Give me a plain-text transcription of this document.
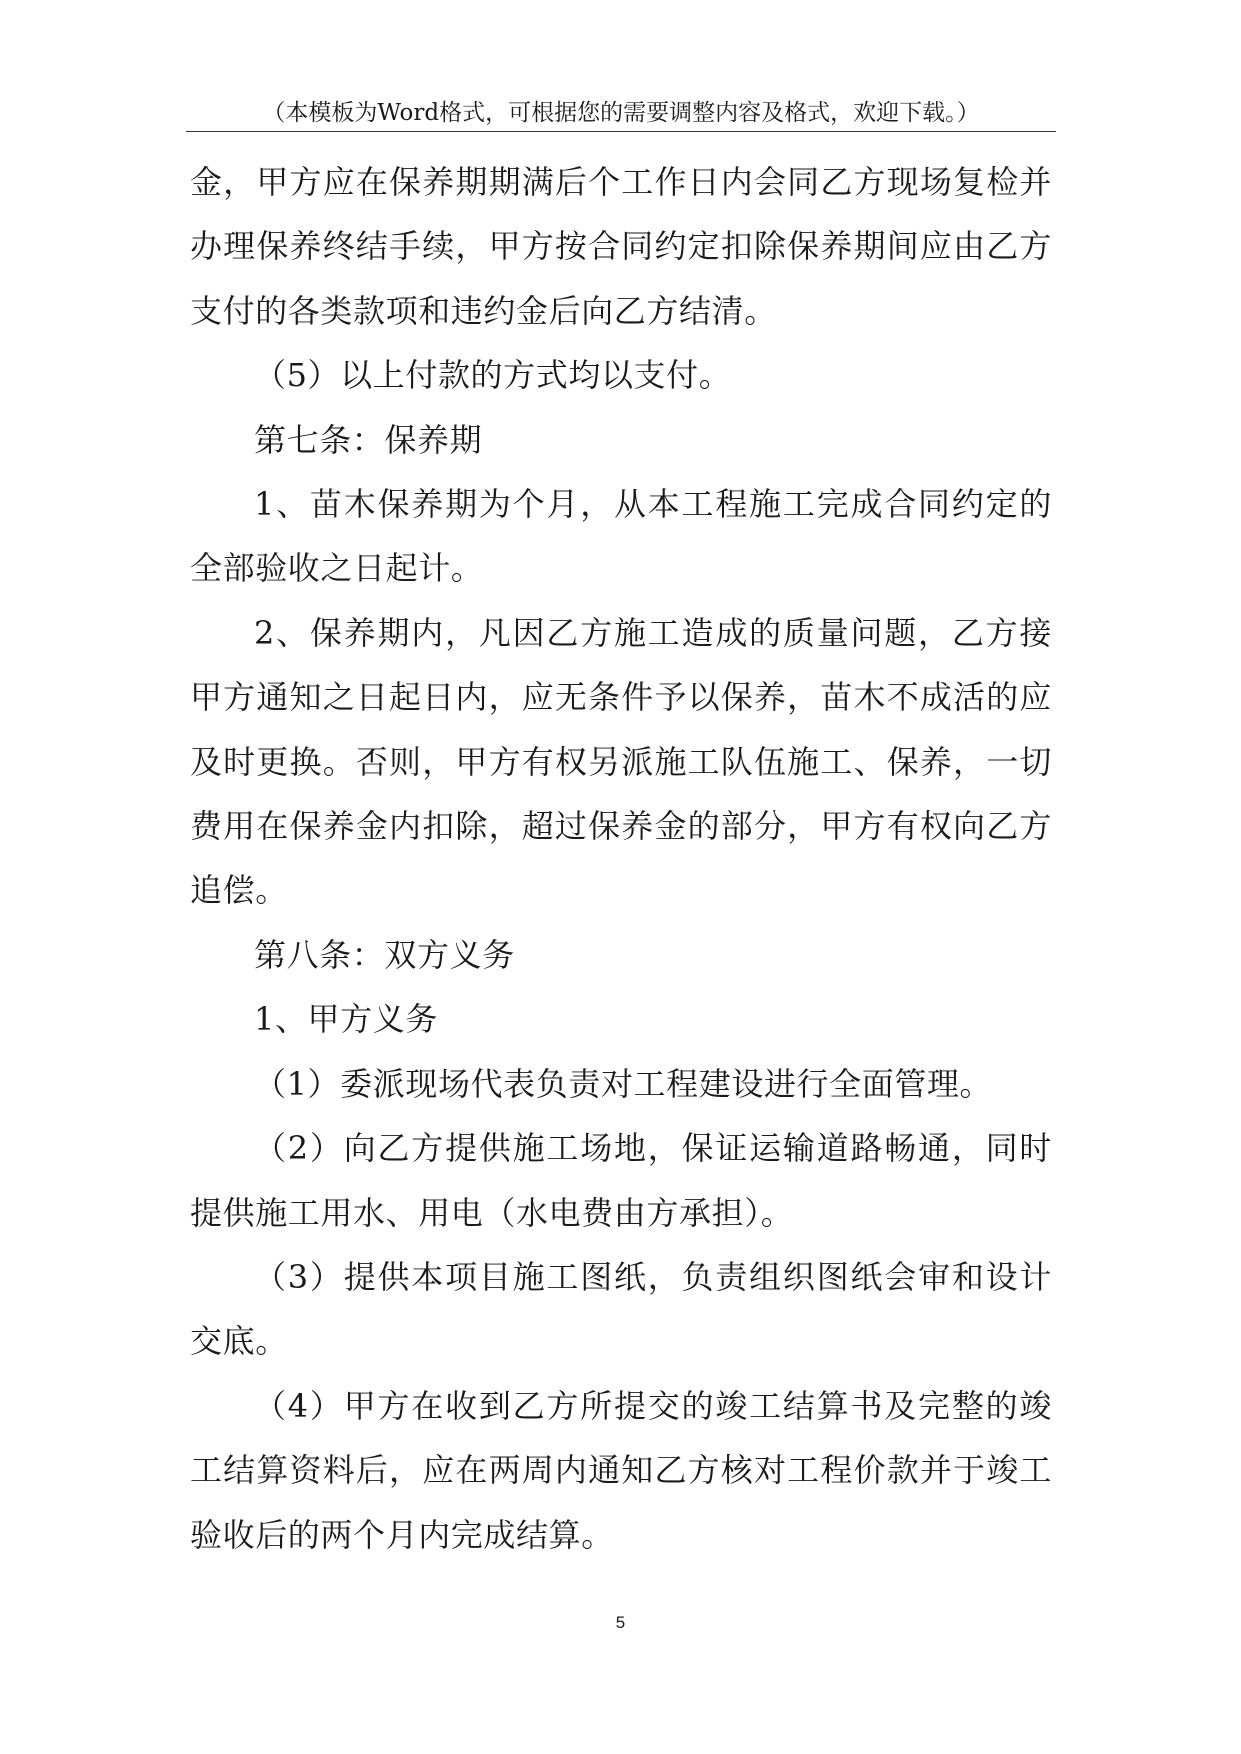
（本模板为Word格式，可根据您的需要调整内容及格式，欢迎下载。）

金，甲方应在保养期期满后个工作日内会同乙方现场复检并办理保养终结手续，甲方按合同约定扣除保养期间应由乙方支付的各类款项和违约金后向乙方结清。

（5）以上付款的方式均以支付。

第七条：保养期

1、苗木保养期为个月，从本工程施工完成合同约定的全部验收之日起计。

2、保养期内，凡因乙方施工造成的质量问题，乙方接甲方通知之日起日内，应无条件予以保养，苗木不成活的应及时更换。否则，甲方有权另派施工队伍施工、保养，一切费用在保养金内扣除，超过保养金的部分，甲方有权向乙方追偿。

第八条：双方义务

1、甲方义务

（1）委派现场代表负责对工程建设进行全面管理。

（2）向乙方提供施工场地，保证运输道路畅通，同时提供施工用水、用电（水电费由方承担）。

（3）提供本项目施工图纸，负责组织图纸会审和设计交底。

（4）甲方在收到乙方所提交的竣工结算书及完整的竣工结算资料后，应在两周内通知乙方核对工程价款并于竣工验收后的两个月内完成结算。

5
